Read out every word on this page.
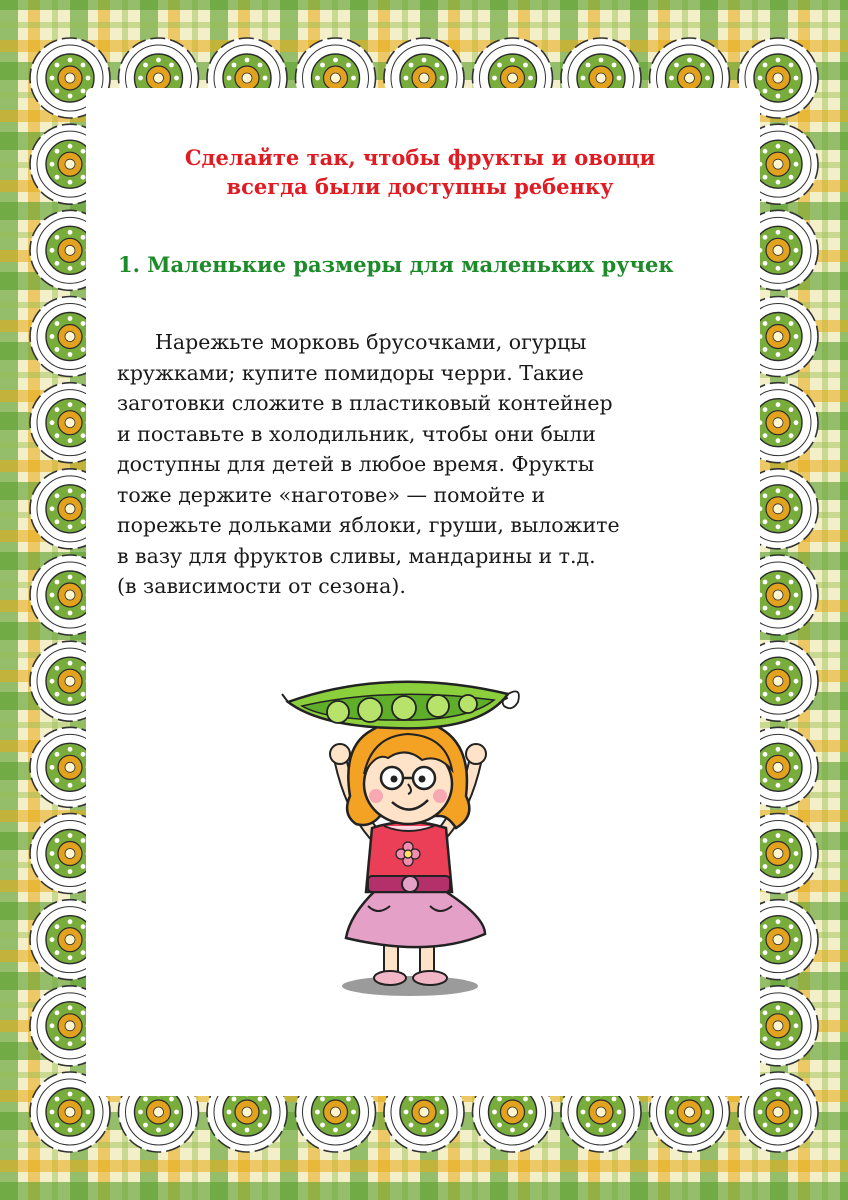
Сделайте так, чтобы фрукты и овощи
всегда были доступны ребенку
1. Маленькие размеры для маленьких ручек

Нарежьте морковь брусочками, огурцы
кружками; купите помидоры черри. Такие
заготовки сложите в пластиковый контейнер
и поставьте в холодильник, чтобы они были
доступны для детей в любое время. Фрукты
тоже держите «наготове» — помойте и
порежьте дольками яблоки, груши, выложите
в вазу для фруктов сливы, мандарины и т.д.
(в зависимости от сезона).
